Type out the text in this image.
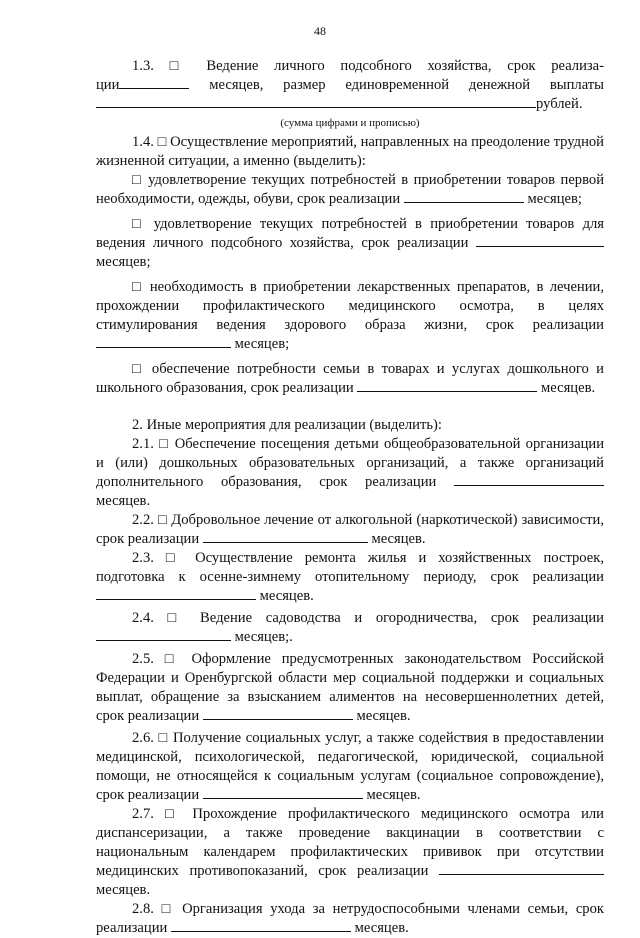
48

1.3. □ Ведение личного подсобного хозяйства, срок реализа-

ции	месяцев, размер единовременной денежной выплаты

рублей.

(сумма цифрами и прописью)

1.4. □ Осуществление мероприятий, направленных на преодоление трудной жизненной ситуации, а именно (выделить):

□ удовлетворение текущих потребностей в приобретении товаров первой необходимости, одежды, обуви, срок реализации	месяцев;

□ удовлетворение текущих потребностей в приобретении товаров для ведения личного подсобного хозяйства, срок реализации  месяцев;

□ необходимость в приобретении лекарственных препаратов, в лечении, прохождении профилактического медицинского осмотра, в целях стимулирования ведения здорового образа жизни, срок реализации  месяцев;

□ обеспечение потребности семьи в товарах и услугах дошкольного и школьного образования, срок реализации	месяцев.

2. Иные мероприятия для реализации (выделить):

2.1. □ Обеспечение посещения детьми общеобразовательной организации и (или) дошкольных образовательных организаций, а также организаций дополнительного образования, срок реализации  месяцев.

2.2. □ Добровольное лечение от алкогольной (наркотической) зависимости, срок реализации	месяцев.

2.3. □ Осуществление ремонта жилья и хозяйственных построек, подготовка к осенне-зимнему отопительному периоду, срок реализации  месяцев.

2.4. □ Ведение садоводства и огородничества, срок реализации  месяцев;.

2.5. □ Оформление предусмотренных законодательством Российской Федерации и Оренбургской области мер социальной поддержки и социальных выплат, обращение за взысканием алиментов на несовершеннолетних детей, срок реализации	месяцев.

2.6. □ Получение социальных услуг, а также содействия в предоставлении медицинской, психологической, педагогической, юридической, социальной помощи, не относящейся к социальным услугам (социальное сопровождение), срок реализации	месяцев.

2.7. □ Прохождение профилактического медицинского осмотра или диспансеризации, а также проведение вакцинации в соответствии с национальным календарем профилактических прививок при отсутствии медицинских противопоказаний, срок реализации  месяцев.

2.8. □ Организация ухода за нетрудоспособными членами семьи, срок реализации	месяцев.
